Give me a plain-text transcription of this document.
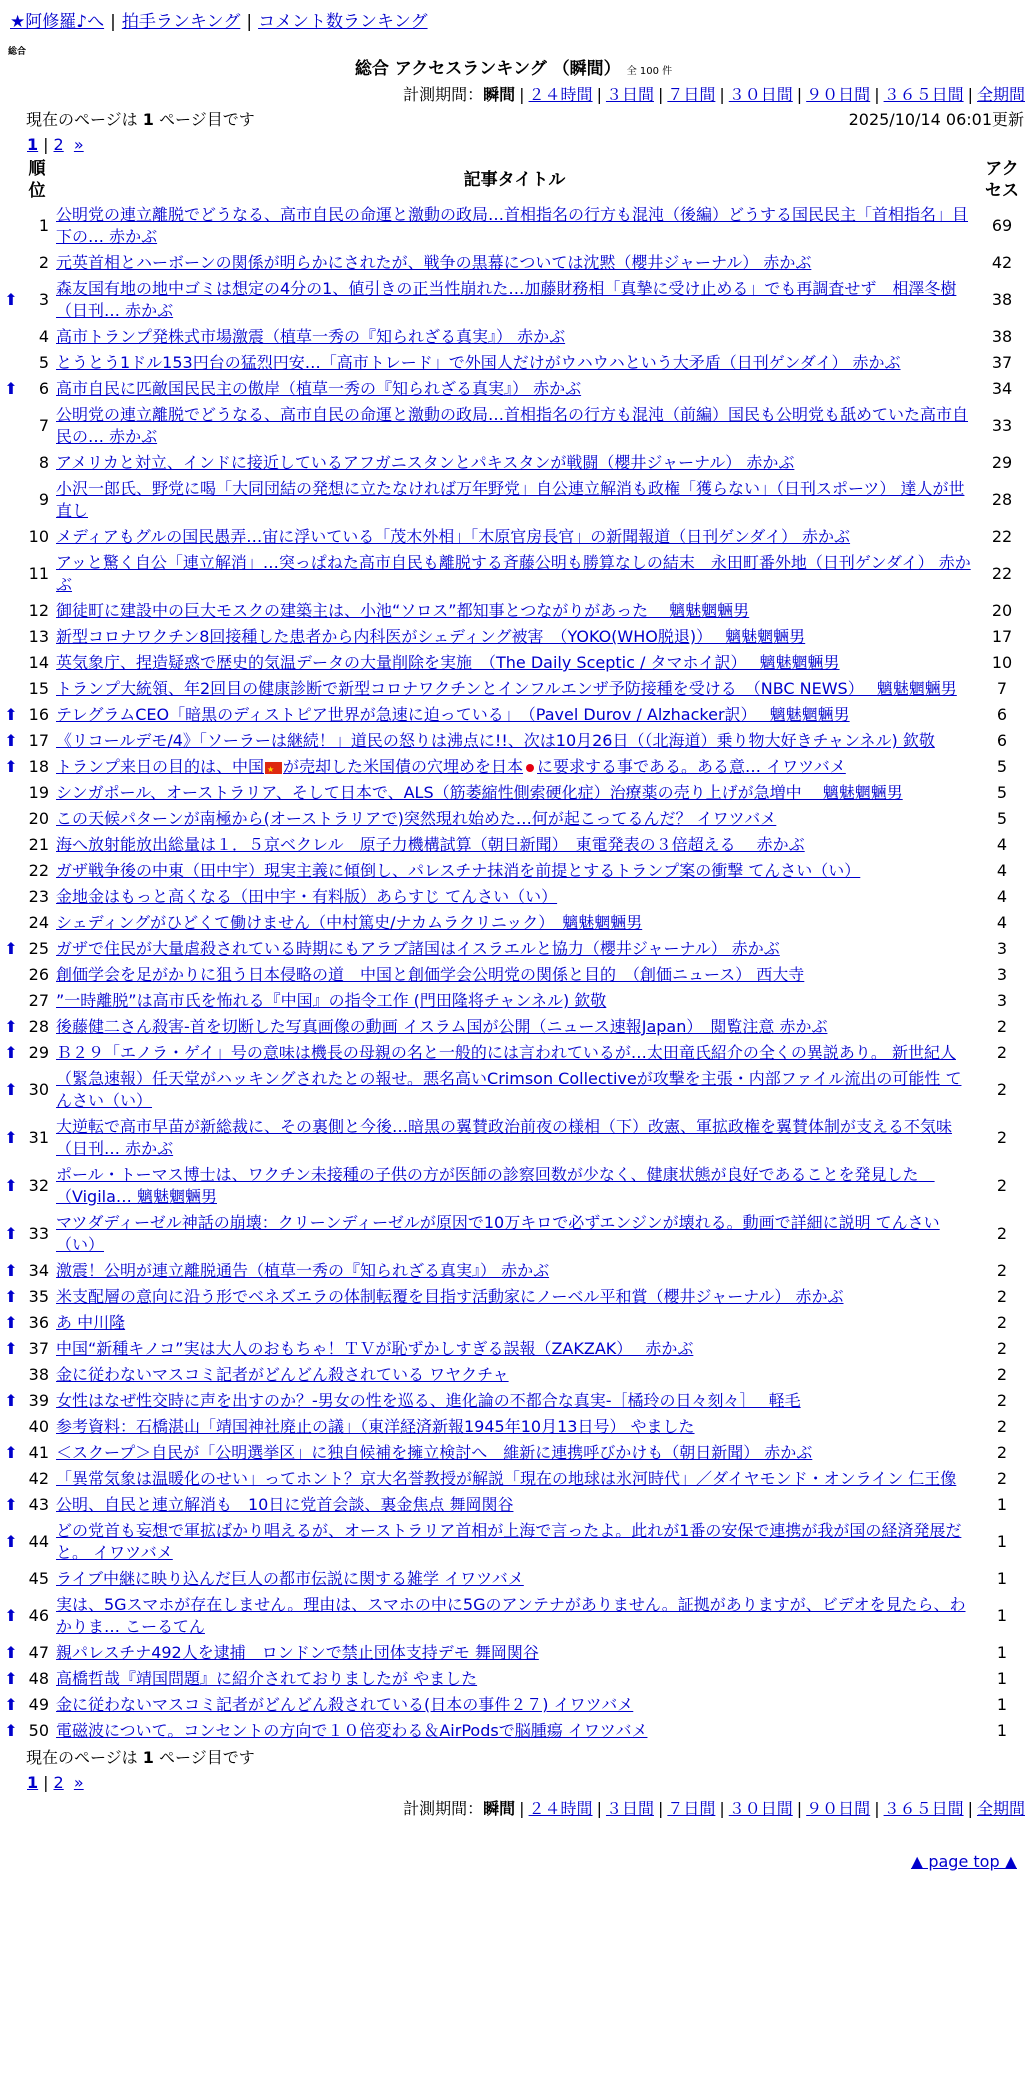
★阿修羅♪へ | 拍手ランキング | コメント数ランキング
総合
総合 アクセスランキング （瞬間） 全 100 件
計測期間：瞬間 | ２４時間 | ３日間 | ７日間 | ３０日間 | ９０日間 | ３６５日間 | 全期間
現在のページは 1 ページ目です	2025/10/14 06:01更新
1 | 2 »
	順位	記事タイトル	アクセス
	1	公明党の連立離脱でどうなる、高市自民の命運と激動の政局…首相指名の行方も混沌（後編）どうする国民民主「首相指名」目下の… 赤かぶ	69
	2	元英首相とハーボーンの関係が明らかにされたが、戦争の黒幕については沈黙（櫻井ジャーナル） 赤かぶ	42
⬆	3	森友国有地の地中ゴミは想定の4分の1、値引きの正当性崩れた…加藤財務相「真摯に受け止める」でも再調査せず　相澤冬樹（日刊… 赤かぶ	38
	4	高市トランプ発株式市場激震（植草一秀の『知られざる真実』） 赤かぶ	38
	5	とうとう1ドル153円台の猛烈円安…「高市トレード」で外国人だけがウハウハという大矛盾（日刊ゲンダイ） 赤かぶ	37
⬆	6	高市自民に匹敵国民民主の傲岸（植草一秀の『知られざる真実』） 赤かぶ	34
	7	公明党の連立離脱でどうなる、高市自民の命運と激動の政局…首相指名の行方も混沌（前編）国民も公明党も舐めていた高市自民の… 赤かぶ	33
	8	アメリカと対立、インドに接近しているアフガニスタンとパキスタンが戦闘（櫻井ジャーナル） 赤かぶ	29
	9	小沢一郎氏、野党に喝「大同団結の発想に立たなければ万年野党」自公連立解消も政権「獲らない」（日刊スポーツ） 達人が世直し	28
	10	メディアもグルの国民愚弄…宙に浮いている「茂木外相」「木原官房長官」の新聞報道（日刊ゲンダイ） 赤かぶ	22
	11	アッと驚く自公「連立解消」…突っぱねた高市自民も離脱する斉藤公明も勝算なしの結末　永田町番外地（日刊ゲンダイ） 赤かぶ	22
	12	御徒町に建設中の巨大モスクの建築主は、小池“ソロス”都知事とつながりがあった　 魑魅魍魎男	20
	13	新型コロナワクチン8回接種した患者から内科医がシェディング被害　（YOKO(WHO脱退)）　 魑魅魍魎男	17
	14	英気象庁、捏造疑惑で歴史的気温データの大量削除を実施　（The Daily Sceptic / タマホイ訳）　 魑魅魍魎男	10
	15	トランプ大統領、年2回目の健康診断で新型コロナワクチンとインフルエンザ予防接種を受ける　（NBC NEWS）　 魑魅魍魎男	7
⬆	16	テレグラムCEO「暗黒のディストピア世界が急速に迫っている」　（Pavel Durov / Alzhacker訳）　 魑魅魍魎男	6
⬆	17	《リコールデモ/4》「ソーラーは継続！」道民の怒りは沸点に!!、次は10月26日（（北海道）乗り物大好きチャンネル) 欽敬	6
⬆	18	トランプ来日の目的は、中国 ★ が売却した米国債の穴埋めを日本 に要求する事である。ある意… イワツバメ	5
	19	シンガポール、オーストラリア、そして日本で、ALS（筋萎縮性側索硬化症）治療薬の売り上げが急増中　 魑魅魍魎男	5
	20	この天候パターンが南極から(オーストラリアで)突然現れ始めた…何が起こってるんだ？ イワツバメ	5
	21	海へ放射能放出総量は１．５京ベクレル　原子力機構試算（朝日新聞）　東電発表の３倍超える　 赤かぶ	4
	22	ガザ戦争後の中東（田中宇）現実主義に傾倒し、パレスチナ抹消を前提とするトランプ案の衝撃 てんさい（い）	4
	23	金地金はもっと高くなる（田中宇・有料版）あらすじ てんさい（い）	4
	24	シェディングがひどくて働けません（中村篤史/ナカムラクリニック）　魑魅魍魎男	4
⬆	25	ガザで住民が大量虐殺されている時期にもアラブ諸国はイスラエルと協力（櫻井ジャーナル） 赤かぶ	3
	26	創価学会を足がかりに狙う日本侵略の道　中国と創価学会公明党の関係と目的　（創価ニュース） 西大寺	3
	27	”一時離脱”は高市氏を怖れる『中国』の指令工作 (門田隆将チャンネル) 欽敬	3
⬆	28	後藤健二さん殺害-首を切断した写真画像の動画 イスラム国が公開（ニュース速報Japan）　閲覧注意 赤かぶ	2
⬆	29	Ｂ２９「エノラ・ゲイ」号の意味は機長の母親の名と一般的には言われているが…太田竜氏紹介の全くの異説あり。 新世紀人	2
⬆	30	（緊急速報）任天堂がハッキングされたとの報せ。悪名高いCrimson Collectiveが攻撃を主張・内部ファイル流出の可能性 てんさい（い）	2
⬆	31	大逆転で高市早苗が新総裁に、その裏側と今後…暗黒の翼賛政治前夜の様相（下）改憲、軍拡政権を翼賛体制が支える不気味（日刊… 赤かぶ	2
⬆	32	ポール・トーマス博士は、ワクチン未接種の子供の方が医師の診察回数が少なく、健康状態が良好であることを発見した　（Vigila… 魑魅魍魎男	2
⬆	33	マツダディーゼル神話の崩壊：クリーンディーゼルが原因で10万キロで必ずエンジンが壊れる。動画で詳細に説明 てんさい（い）	2
⬆	34	激震！公明が連立離脱通告（植草一秀の『知られざる真実』） 赤かぶ	2
⬆	35	米支配層の意向に沿う形でベネズエラの体制転覆を目指す活動家にノーベル平和賞（櫻井ジャーナル） 赤かぶ	2
⬆	36	あ 中川隆	2
⬆	37	中国“新種キノコ”実は大人のおもちゃ！ＴＶが恥ずかしすぎる誤報（ZAKZAK）　 赤かぶ	2
	38	金に従わないマスコミ記者がどんどん殺されている ワヤクチャ	2
⬆	39	女性はなぜ性交時に声を出すのか？-男女の性を巡る、進化論の不都合な真実-［橘玲の日々刻々］　 軽毛	2
	40	参考資料：石橋湛山「靖国神社廃止の議」（東洋経済新報1945年10月13日号） やました	2
⬆	41	＜スクープ＞自民が「公明選挙区」に独自候補を擁立検討へ　維新に連携呼びかけも（朝日新聞） 赤かぶ	2
	42	「異常気象は温暖化のせい」ってホント？京大名誉教授が解説「現在の地球は氷河時代」／ダイヤモンド・オンライン 仁王像	2
⬆	43	公明、自民と連立解消も　10日に党首会談、裏金焦点 舞岡関谷	1
⬆	44	どの党首も妄想で軍拡ばかり唱えるが、オーストラリア首相が上海で言ったよ。此れが1番の安保で連携が我が国の経済発展だと。 イワツバメ	1
	45	ライブ中継に映り込んだ巨人の都市伝説に関する雑学 イワツバメ	1
⬆	46	実は、5Gスマホが存在しません。理由は、スマホの中に5Gのアンテナがありません。証拠がありますが、ビデオを見たら、わかりま… こーるてん	1
⬆	47	親パレスチナ492人を逮捕　ロンドンで禁止団体支持デモ 舞岡関谷	1
⬆	48	高橋哲哉『靖国問題』に紹介されておりましたが やました	1
⬆	49	金に従わないマスコミ記者がどんどん殺されている(日本の事件２７) イワツバメ	1
⬆	50	電磁波について。コンセントの方向で１０倍変わる＆AirPodsで脳腫瘍 イワツバメ	1
現在のページは 1 ページ目です
1 | 2 »
計測期間：瞬間 | ２４時間 | ３日間 | ７日間 | ３０日間 | ９０日間 | ３６５日間 | 全期間
▲ page top ▲
